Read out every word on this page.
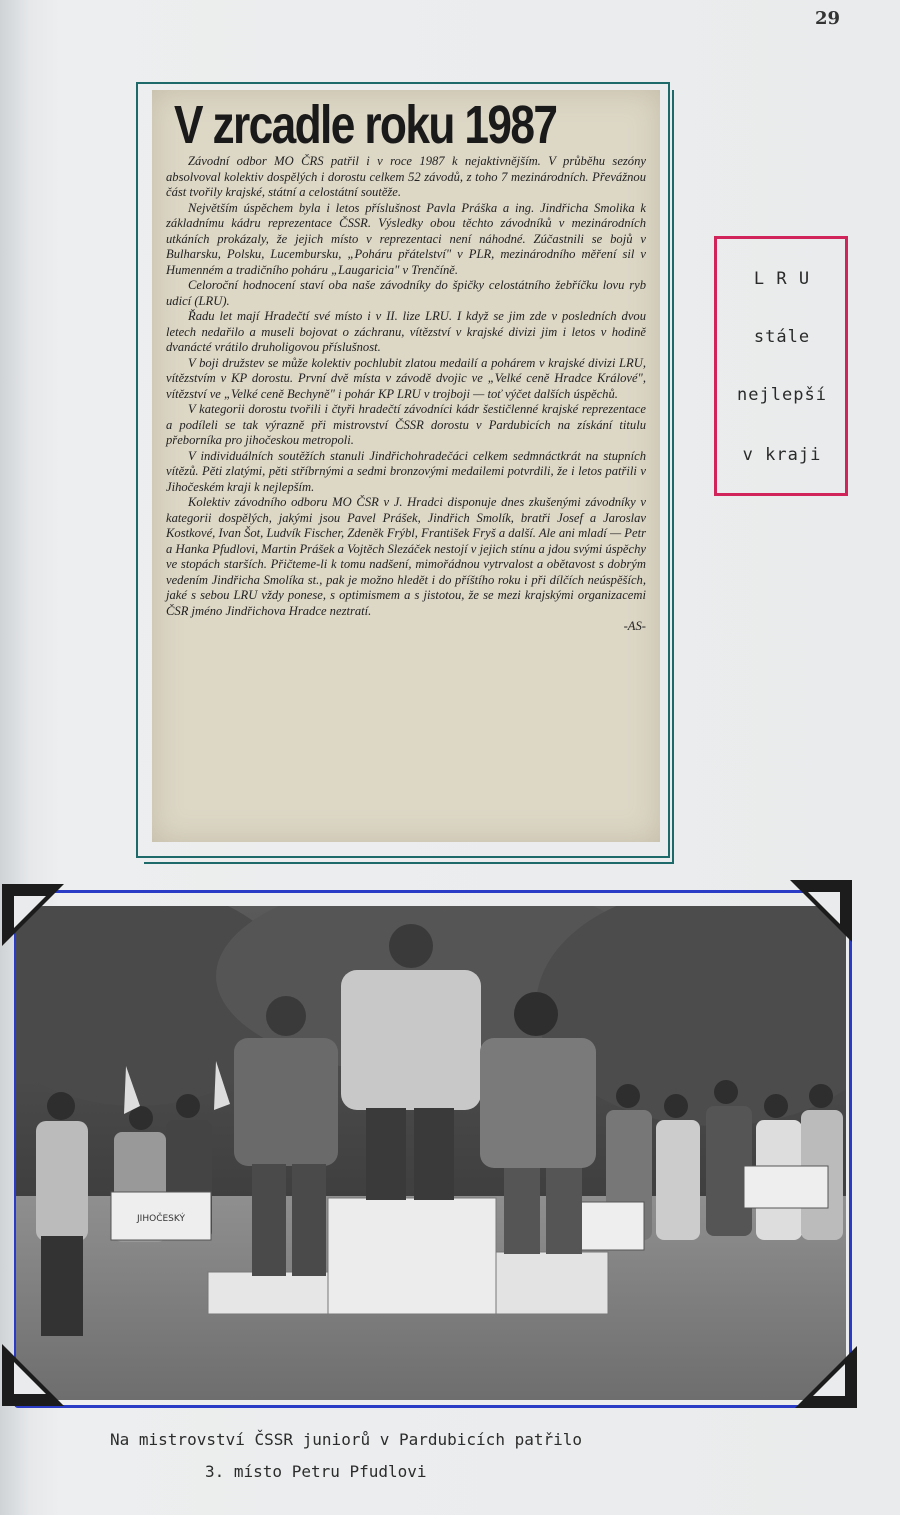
29
V zrcadle roku 1987

Závodní odbor MO ČRS patřil i v roce 1987 k nejaktivnějším. V průběhu sezóny absolvoval kolektiv dospělých i dorostu celkem 52 závodů, z toho 7 mezinárodních. Převážnou část tvořily krajské, státní a celostátní soutěže.

Největším úspěchem byla i letos příslušnost Pavla Práška a ing. Jindřicha Smolika k základnímu kádru reprezentace ČSSR. Výsledky obou těchto závodníků v mezinárodních utkáních prokázaly, že jejich místo v reprezentaci není náhodné. Zúčastnili se bojů v Bulharsku, Polsku, Lucembursku, „Poháru přátelství" v PLR, mezinárodního měření sil v Humenném a tradičního poháru „Laugaricia" v Trenčíně.

Celoroční hodnocení staví oba naše závodníky do špičky celostátního žebříčku lovu ryb udicí (LRU).

Řadu let mají Hradečtí své místo i v II. lize LRU. I když se jim zde v posledních dvou letech nedařilo a museli bojovat o záchranu, vítězství v krajské divizi jim i letos v hodině dvanácté vrátilo druholigovou příslušnost.

V boji družstev se může kolektiv pochlubit zlatou medailí a pohárem v krajské divizi LRU, vítězstvím v KP dorostu. První dvě místa v závodě dvojic ve „Velké ceně Hradce Králové", vítězství ve „Velké ceně Bechyně" i pohár KP LRU v trojboji — toť výčet dalších úspěchů.

V kategorii dorostu tvořili i čtyři hradečtí závodníci kádr šestičlenné krajské reprezentace a podíleli se tak výrazně při mistrovství ČSSR dorostu v Pardubicích na získání titulu přeborníka pro jihočeskou metropoli.

V individuálních soutěžích stanuli Jindřichohradečáci celkem sedmnáctkrát na stupních vítězů. Pěti zlatými, pěti stříbrnými a sedmi bronzovými medailemi potvrdili, že i letos patřili v Jihočeském kraji k nejlepším.

Kolektiv závodního odboru MO ČSR v J. Hradci disponuje dnes zkušenými závodníky v kategorii dospělých, jakými jsou Pavel Prášek, Jindřich Smolík, bratři Josef a Jaroslav Kostkové, Ivan Šot, Ludvík Fischer, Zdeněk Frýbl, František Fryš a další. Ale ani mladí — Petr a Hanka Pfudlovi, Martin Prášek a Vojtěch Slezáček nestojí v jejich stínu a jdou svými úspěchy ve stopách starších. Přičteme-li k tomu nadšení, mimořádnou vytrvalost a obětavost s dobrým vedením Jindřicha Smolíka st., pak je možno hledět i do příštího roku i při dílčích neúspěších, jaké s sebou LRU vždy ponese, s optimismem a s jistotou, že se mezi krajskými organizacemi ČSR jméno Jindřichova Hradce neztratí.

-AS-
L R U
stále
nejlepší
v kraji
JIHOČESKÝ
Na mistrovství ČSSR juniorů v Pardubicích patřilo
3. místo Petru Pfudlovi
